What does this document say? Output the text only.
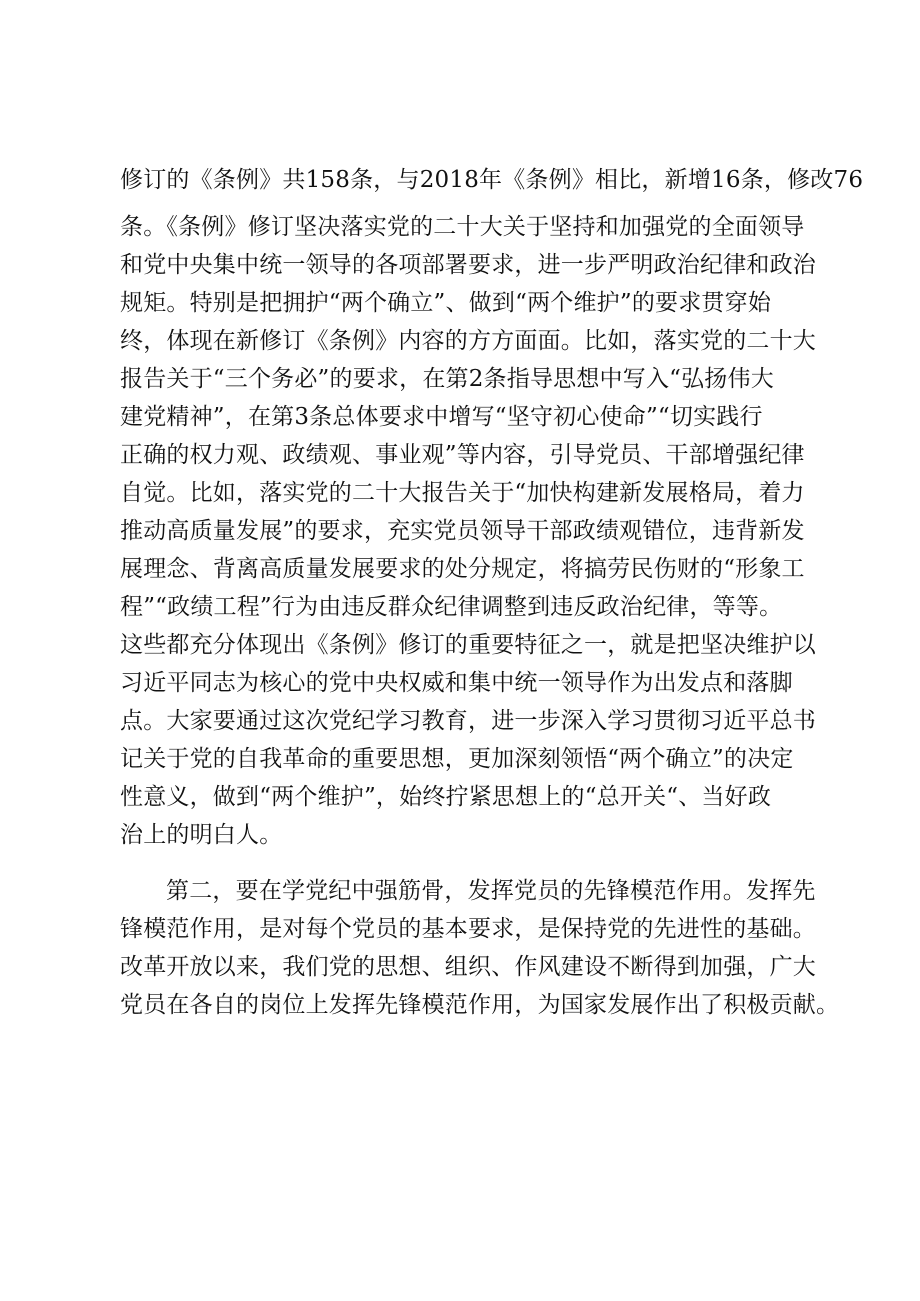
修订的《条例》共158条，与2018年《条例》相比，新增16条，修改76
条。《条例》修订坚决落实党的二十大关于坚持和加强党的全面领导
和党中央集中统一领导的各项部署要求，进一步严明政治纪律和政治
规矩。特别是把拥护“两个确立”、做到“两个维护”的要求贯穿始
终，体现在新修订《条例》内容的方方面面。比如，落实党的二十大
报告关于“三个务必”的要求，在第2条指导思想中写入“弘扬伟大
建党精神”，在第3条总体要求中增写“坚守初心使命”“切实践行
正确的权力观、政绩观、事业观”等内容，引导党员、干部增强纪律
自觉。比如，落实党的二十大报告关于“加快构建新发展格局，着力
推动高质量发展”的要求，充实党员领导干部政绩观错位，违背新发
展理念、背离高质量发展要求的处分规定，将搞劳民伤财的“形象工
程”“政绩工程”行为由违反群众纪律调整到违反政治纪律，等等。
这些都充分体现出《条例》修订的重要特征之一，就是把坚决维护以
习近平同志为核心的党中央权威和集中统一领导作为出发点和落脚
点。大家要通过这次党纪学习教育，进一步深入学习贯彻习近平总书
记关于党的自我革命的重要思想，更加深刻领悟“两个确立”的决定
性意义，做到“两个维护”，始终拧紧思想上的“总开关“、当好政
治上的明白人。
第二，要在学党纪中强筋骨，发挥党员的先锋模范作用。发挥先
锋模范作用，是对每个党员的基本要求，是保持党的先进性的基础。
改革开放以来，我们党的思想、组织、作风建设不断得到加强，广大
党员在各自的岗位上发挥先锋模范作用，为国家发展作出了积极贡献。
